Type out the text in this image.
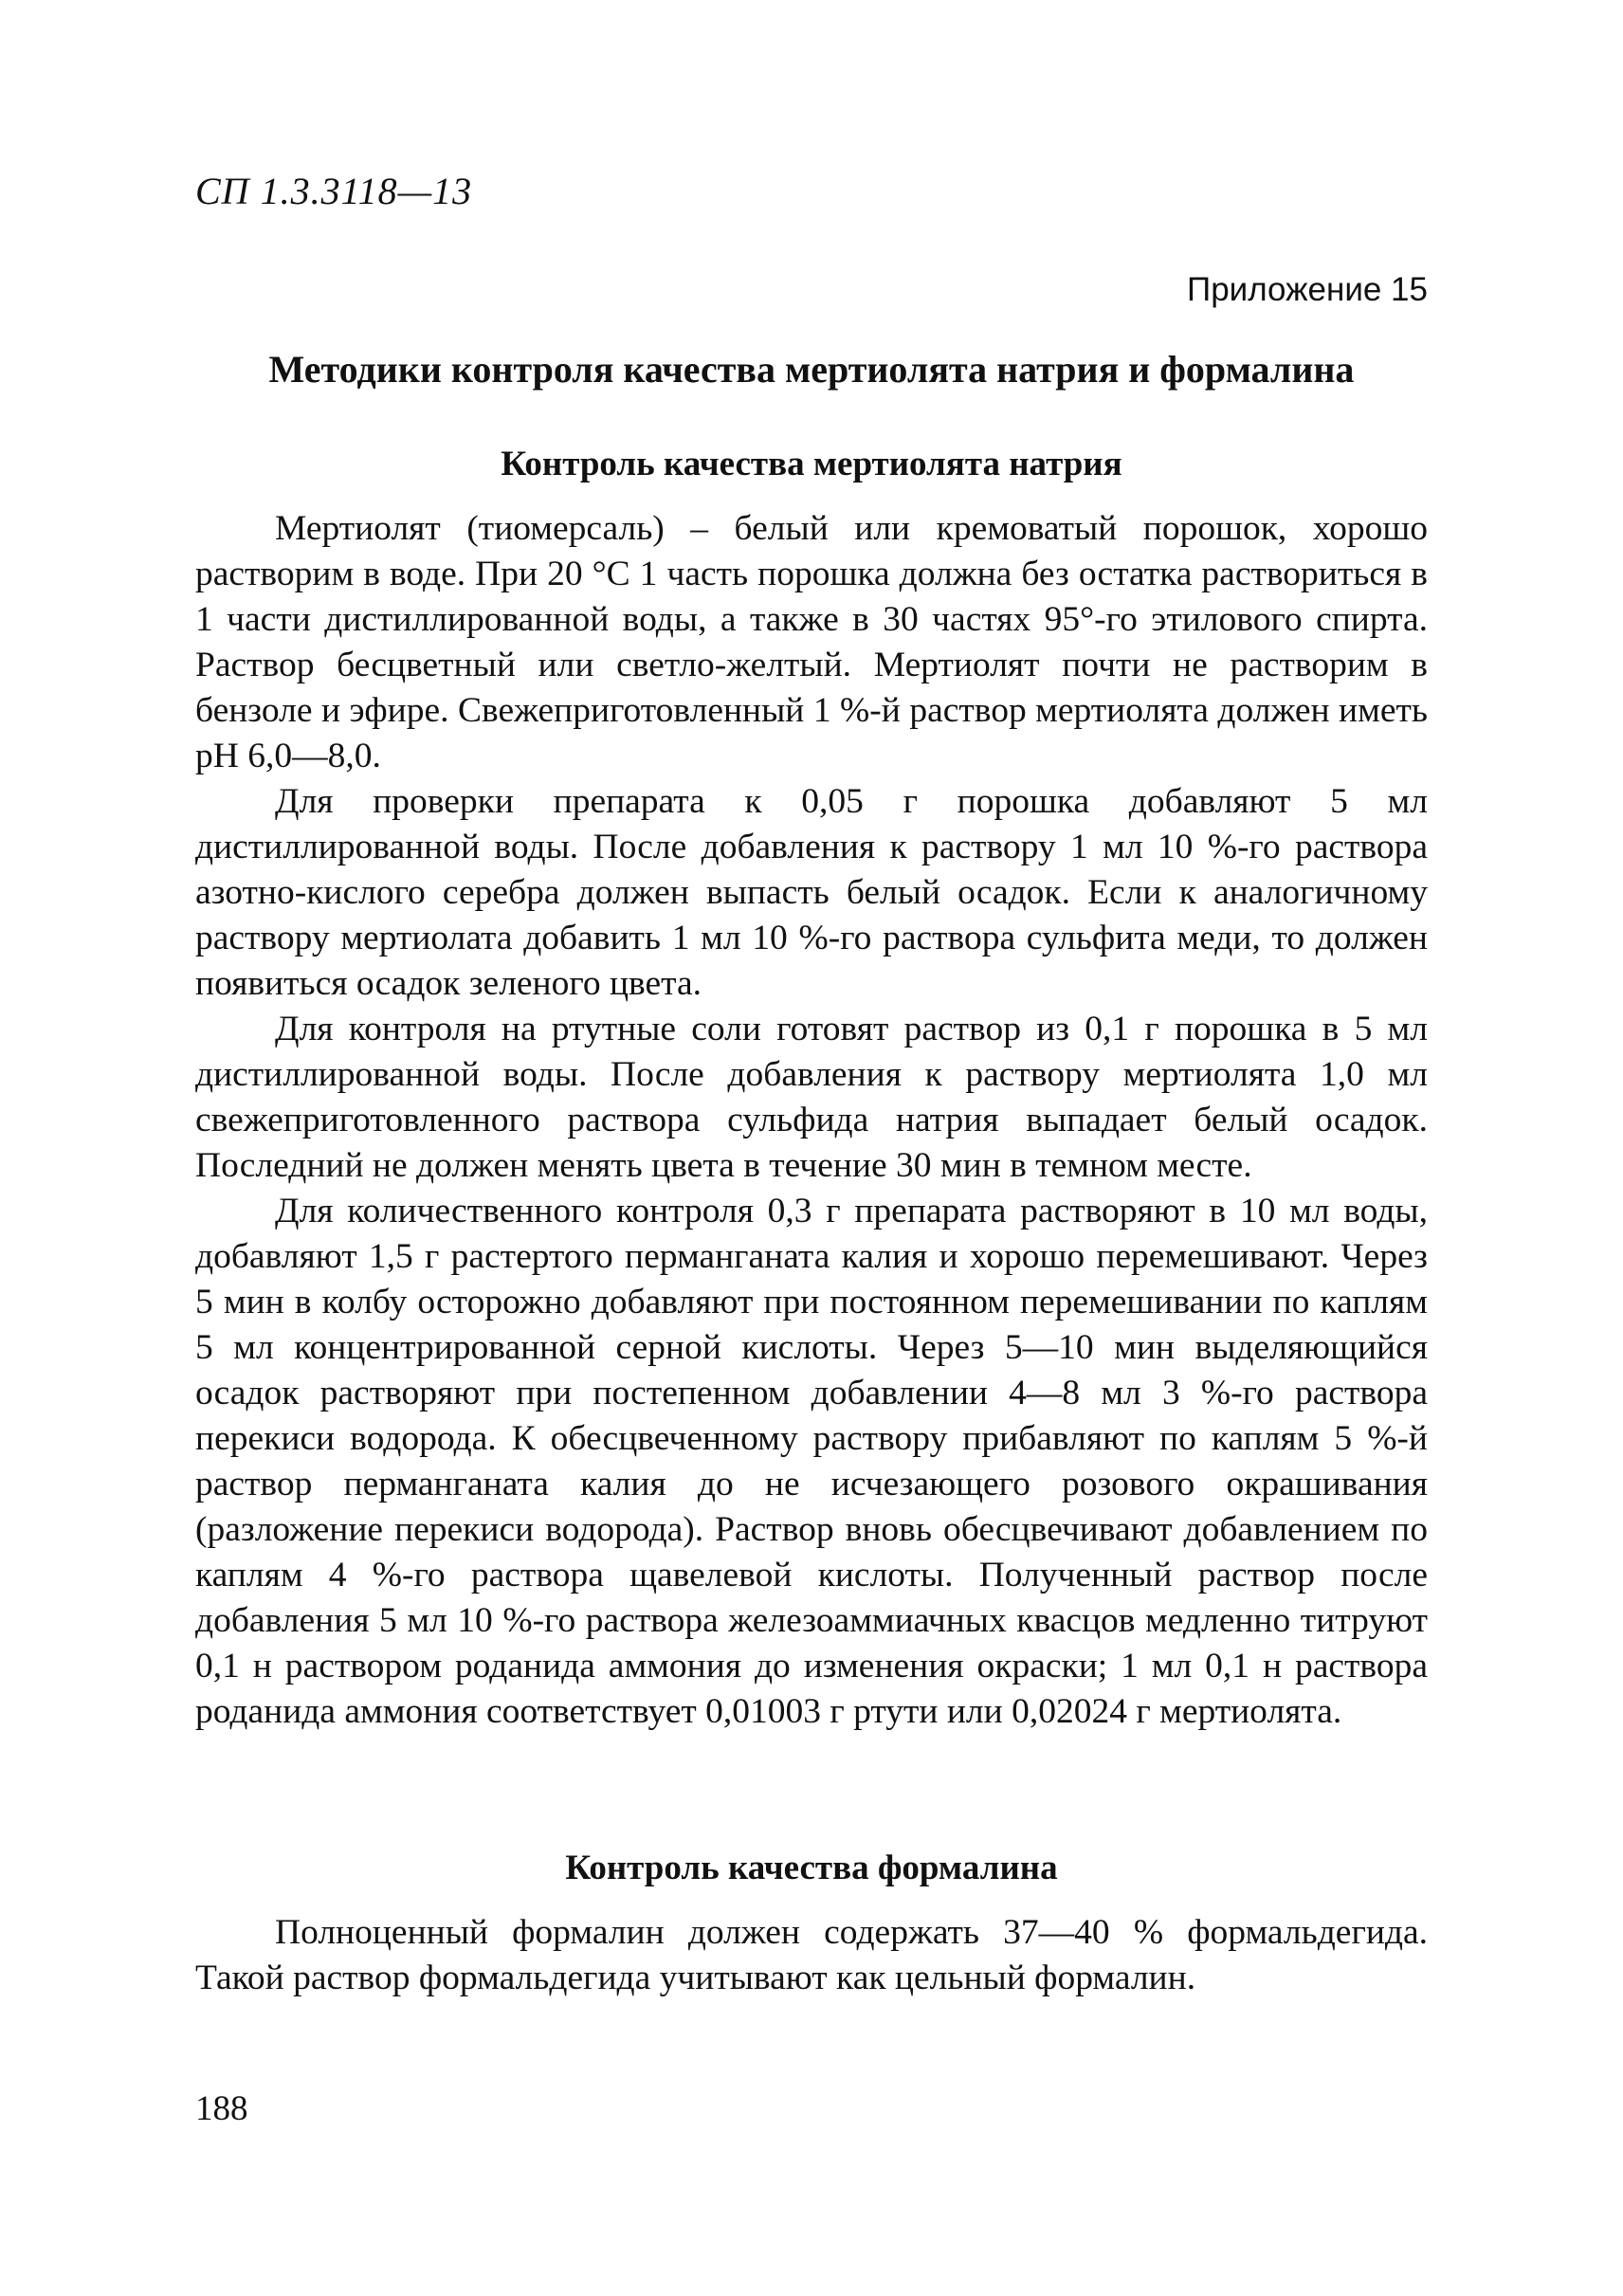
СП 1.3.3118—13
Приложение 15
Методики контроля качества мертиолята натрия и формалина
Контроль качества мертиолята натрия

Мертиолят (тиомерсаль) – белый или кремоватый порошок, хорошо растворим в воде. При 20 °С 1 часть порошка должна без остатка раствориться в 1 части дистиллированной воды, а также в 30 частях 95°-го этилового спирта. Раствор бесцветный или светло-желтый. Мертиолят почти не растворим в бензоле и эфире. Свежеприготовленный 1 %-й раствор мертиолята должен иметь рН 6,0—8,0.

Для проверки препарата к 0,05 г порошка добавляют 5 мл дистиллированной воды. После добавления к раствору 1 мл 10 %-го раствора азотно-кислого серебра должен выпасть белый осадок. Если к аналогичному раствору мертиолата добавить 1 мл 10 %-го раствора сульфита меди, то должен появиться осадок зеленого цвета.

Для контроля на ртутные соли готовят раствор из 0,1 г порошка в 5 мл дистиллированной воды. После добавления к раствору мертиолята 1,0 мл свежеприготовленного раствора сульфида натрия выпадает белый осадок. Последний не должен менять цвета в течение 30 мин в темном месте.

Для количественного контроля 0,3 г препарата растворяют в 10 мл воды, добавляют 1,5 г растертого перманганата калия и хорошо перемешивают. Через 5 мин в колбу осторожно добавляют при постоянном перемешивании по каплям 5 мл концентрированной серной кислоты. Через 5—10 мин выделяющийся осадок растворяют при постепенном добавлении 4—8 мл 3 %-го раствора перекиси водорода. К обесцвеченному раствору прибавляют по каплям 5 %-й раствор перманганата калия до не исчезающего розового окрашивания (разложение перекиси водорода). Раствор вновь обесцвечивают добавлением по каплям 4 %-го раствора щавелевой кислоты. Полученный раствор после добавления 5 мл 10 %-го раствора железоаммиачных квасцов медленно титруют 0,1 н раствором роданида аммония до изменения окраски; 1 мл 0,1 н раствора роданида аммония соответствует 0,01003 г ртути или 0,02024 г мертиолята.

Контроль качества формалина

Полноценный формалин должен содержать 37—40 % формальдегида. Такой раствор формальдегида учитывают как цельный формалин.

188
